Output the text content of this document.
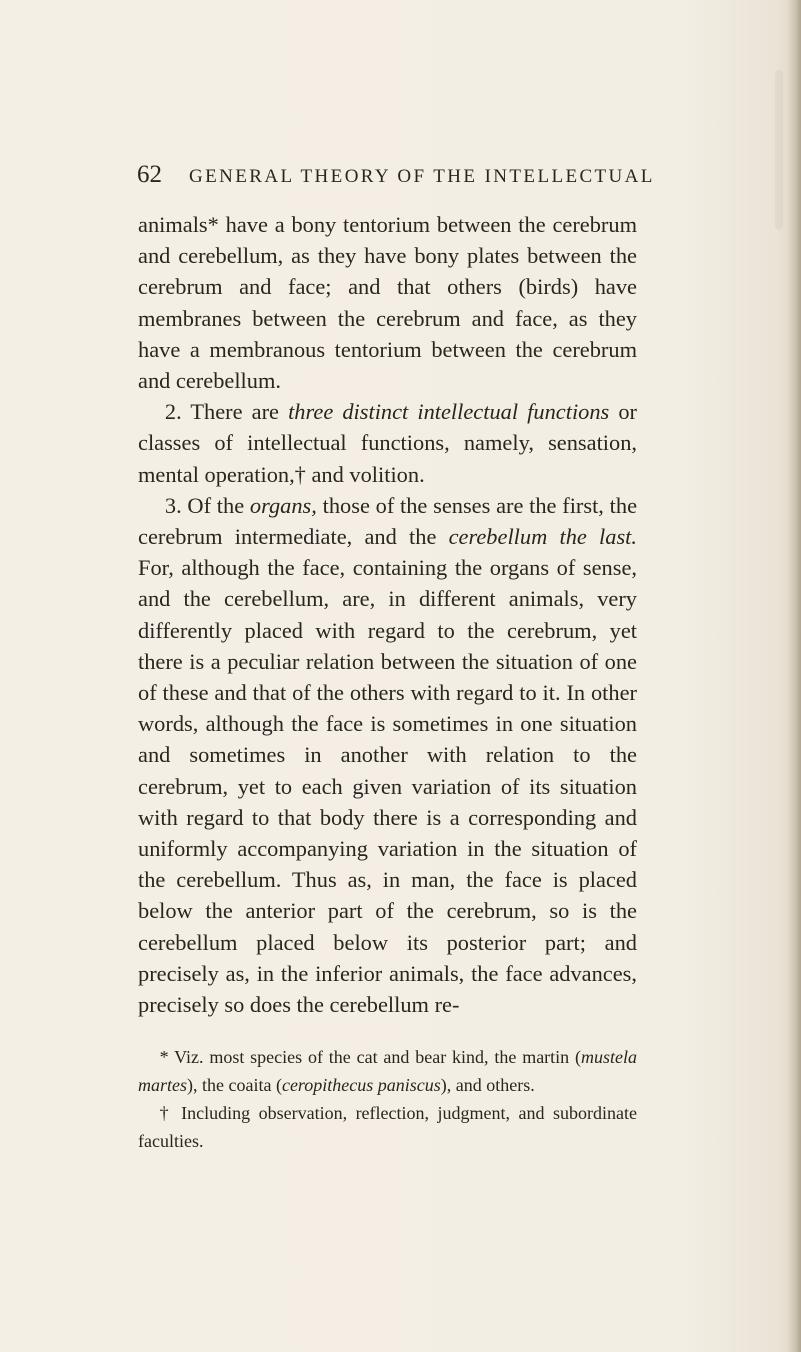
62 GENERAL THEORY OF THE INTELLECTUAL

animals* have a bony tentorium between the cerebrum and cerebellum, as they have bony plates between the cerebrum and face; and that others (birds) have membranes between the cerebrum and face, as they have a membranous tentorium between the cerebrum and cerebellum.

2. There are three distinct intellectual functions or classes of intellectual functions, namely, sensation, mental operation,† and volition.

3. Of the organs, those of the senses are the first, the cerebrum intermediate, and the cerebellum the last. For, although the face, containing the organs of sense, and the cerebellum, are, in different animals, very differently placed with regard to the cerebrum, yet there is a peculiar relation between the situation of one of these and that of the others with regard to it. In other words, although the face is sometimes in one situation and sometimes in another with relation to the cerebrum, yet to each given variation of its situation with regard to that body there is a corresponding and uniformly accompanying variation in the situation of the cerebellum. Thus as, in man, the face is placed below the anterior part of the cerebrum, so is the cerebellum placed below its posterior part; and precisely as, in the inferior animals, the face advances, precisely so does the cerebellum re-

* Viz. most species of the cat and bear kind, the martin (mustela martes), the coaita (ceropithecus paniscus), and others.

† Including observation, reflection, judgment, and subordinate faculties.
